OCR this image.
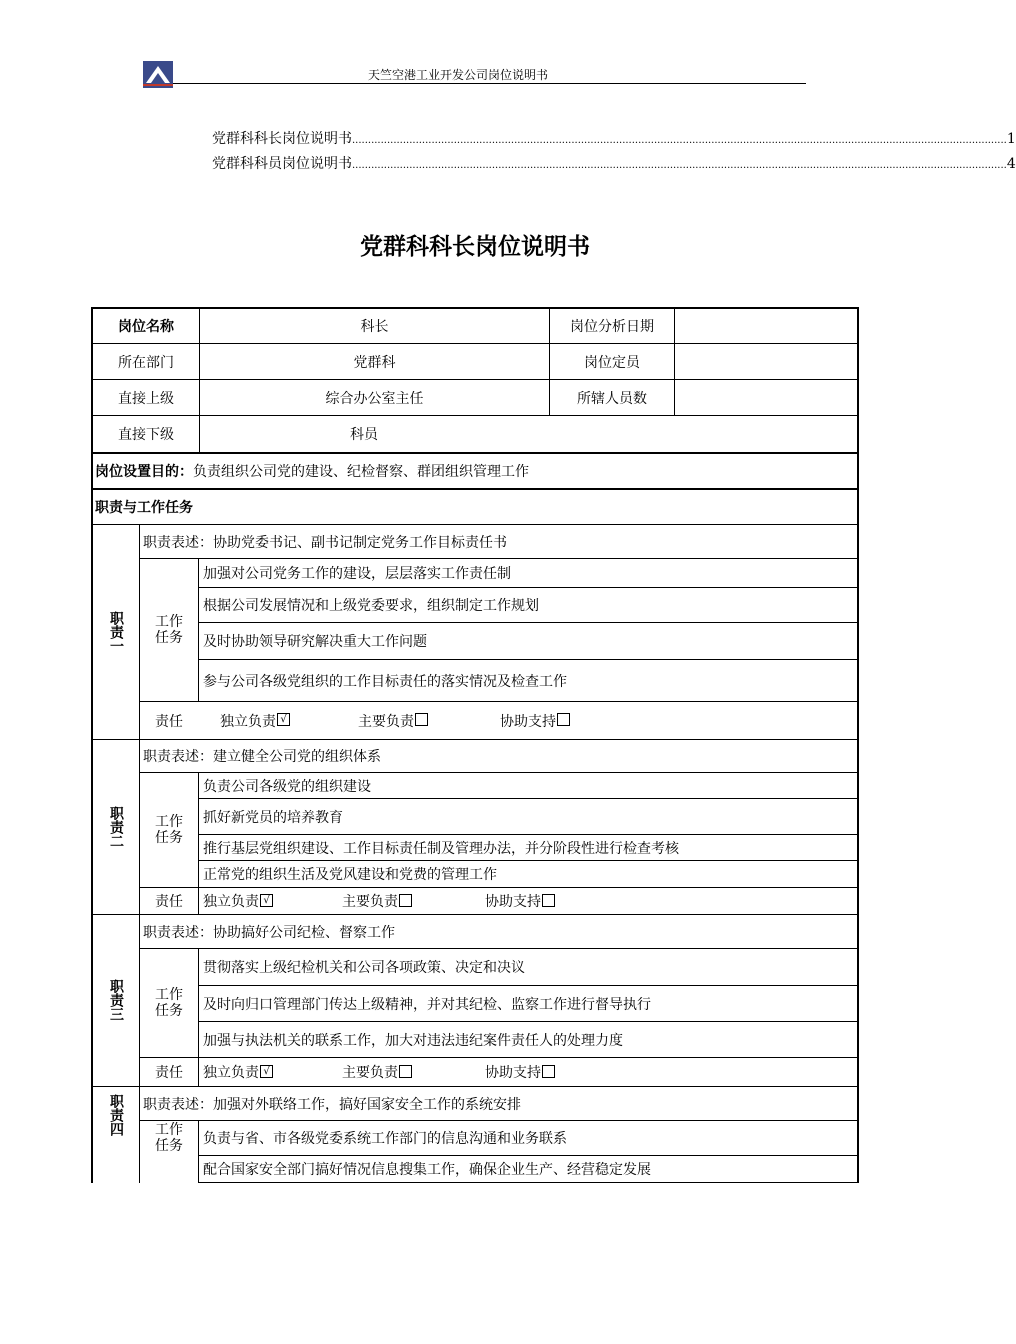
天竺空港工业开发公司岗位说明书
党群科科长岗位说明书 .............................................................................................................................................................................................................. 1
党群科科员岗位说明书 .............................................................................................................................................................................................................. 4
党群科科长岗位说明书
岗位名称	科长	岗位分析日期
所在部门	党群科	岗位定员
直接上级	综合办公室主任	所辖人员数
直接下级	科员
岗位设置目的： 负责组织公司党的建设、纪检督察、群团组织管理工作
职责与工作任务
职责一
职责表述：协助党委书记、副书记制定党务工作目标责任书
工作任务
加强对公司党务工作的建设，层层落实工作责任制
根据公司发展情况和上级党委要求，组织制定工作规划
及时协助领导研究解决重大工作问题
参与公司各级党组织的工作目标责任的落实情况及检查工作
责任	独立负责 √	主要负责	协助支持
职责二
职责表述：建立健全公司党的组织体系
工作任务
负责公司各级党的组织建设
抓好新党员的培养教育
推行基层党组织建设、工作目标责任制及管理办法，并分阶段性进行检查考核
正常党的组织生活及党风建设和党费的管理工作
责任	独立负责 √	主要负责	协助支持
职责三
职责表述：协助搞好公司纪检、督察工作
工作任务
贯彻落实上级纪检机关和公司各项政策、决定和决议
及时向归口管理部门传达上级精神，并对其纪检、监察工作进行督导执行
加强与执法机关的联系工作，加大对违法违纪案件责任人的处理力度
责任	独立负责 √	主要负责	协助支持
职责四 职责表述：加强对外联络工作，搞好国家安全工作的系统安排
工作任务 负责与省、市各级党委系统工作部门的信息沟通和业务联系
配合国家安全部门搞好情况信息搜集工作，确保企业生产、经营稳定发展
